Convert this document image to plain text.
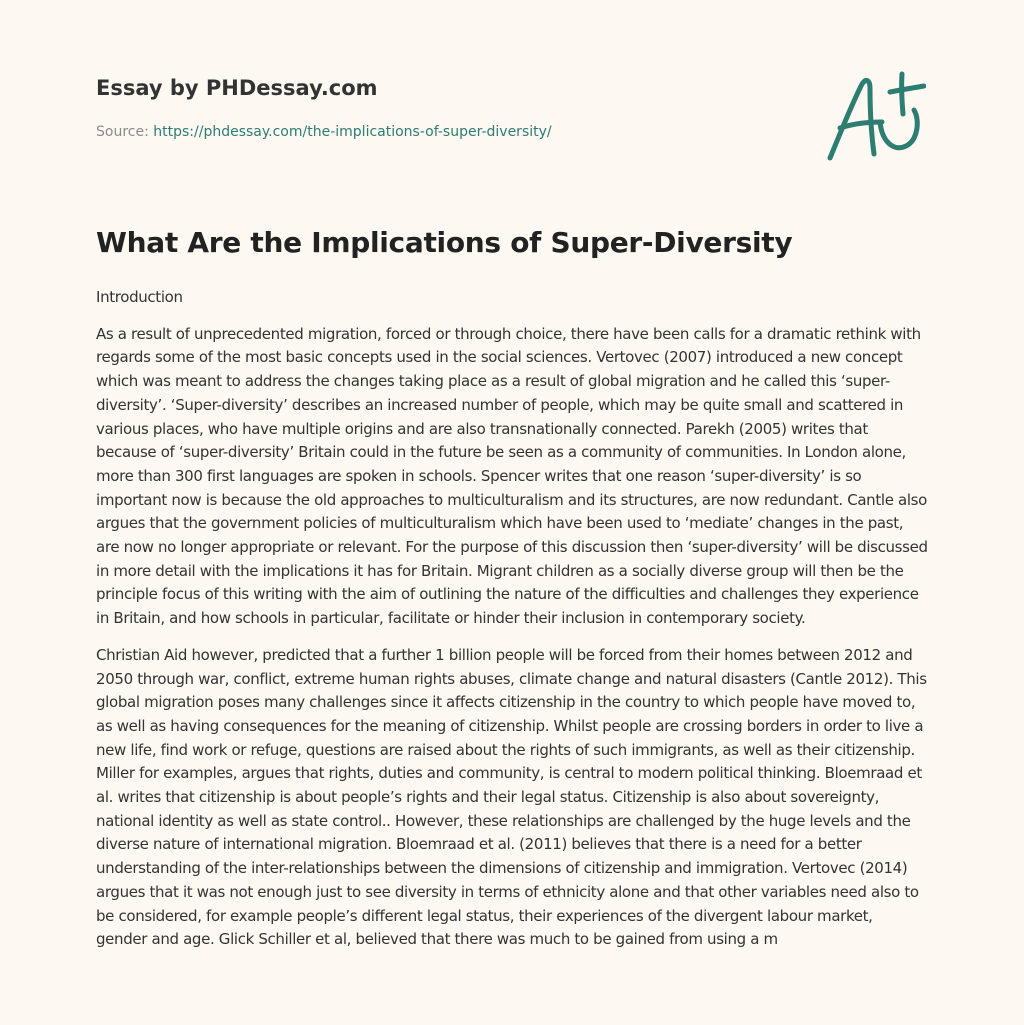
Essay by PHDessay.com
Source: https://phdessay.com/the-implications-of-super-diversity/
What Are the Implications of Super-Diversity

Introduction

As a result of unprecedented migration, forced or through choice, there have been calls for a dramatic rethink with regards some of the most basic concepts used in the social sciences. Vertovec (2007) introduced a new concept which was meant to address the changes taking place as a result of global migration and he called this ‘super-diversity’. ‘Super-diversity’ describes an increased number of people, which may be quite small and scattered in various places, who have multiple origins and are also transnationally connected. Parekh (2005) writes that because of ‘super-diversity’ Britain could in the future be seen as a community of communities. In London alone, more than 300 first languages are spoken in schools. Spencer writes that one reason ‘super-diversity’ is so important now is because the old approaches to multiculturalism and its structures, are now redundant. Cantle also argues that the government policies of multiculturalism which have been used to ‘mediate’ changes in the past, are now no longer appropriate or relevant. For the purpose of this discussion then ‘super-diversity’ will be discussed in more detail with the implications it has for Britain. Migrant children as a socially diverse group will then be the principle focus of this writing with the aim of outlining the nature of the difficulties and challenges they experience in Britain, and how schools in particular, facilitate or hinder their inclusion in contemporary society.

Christian Aid however, predicted that a further 1 billion people will be forced from their homes between 2012 and 2050 through war, conflict, extreme human rights abuses, climate change and natural disasters (Cantle 2012). This global migration poses many challenges since it affects citizenship in the country to which people have moved to, as well as having consequences for the meaning of citizenship. Whilst people are crossing borders in order to live a new life, find work or refuge, questions are raised about the rights of such immigrants, as well as their citizenship. Miller for examples, argues that rights, duties and community, is central to modern political thinking. Bloemraad et al. writes that citizenship is about people’s rights and their legal status. Citizenship is also about sovereignty, national identity as well as state control.. However, these relationships are challenged by the huge levels and the diverse nature of international migration. Bloemraad et al. (2011) believes that there is a need for a better understanding of the inter-relationships between the dimensions of citizenship and immigration. Vertovec (2014) argues that it was not enough just to see diversity in terms of ethnicity alone and that other variables need also to be considered, for example people’s different legal status, their experiences of the divergent labour market, gender and age. Glick Schiller et al, believed that there was much to be gained from using a m
